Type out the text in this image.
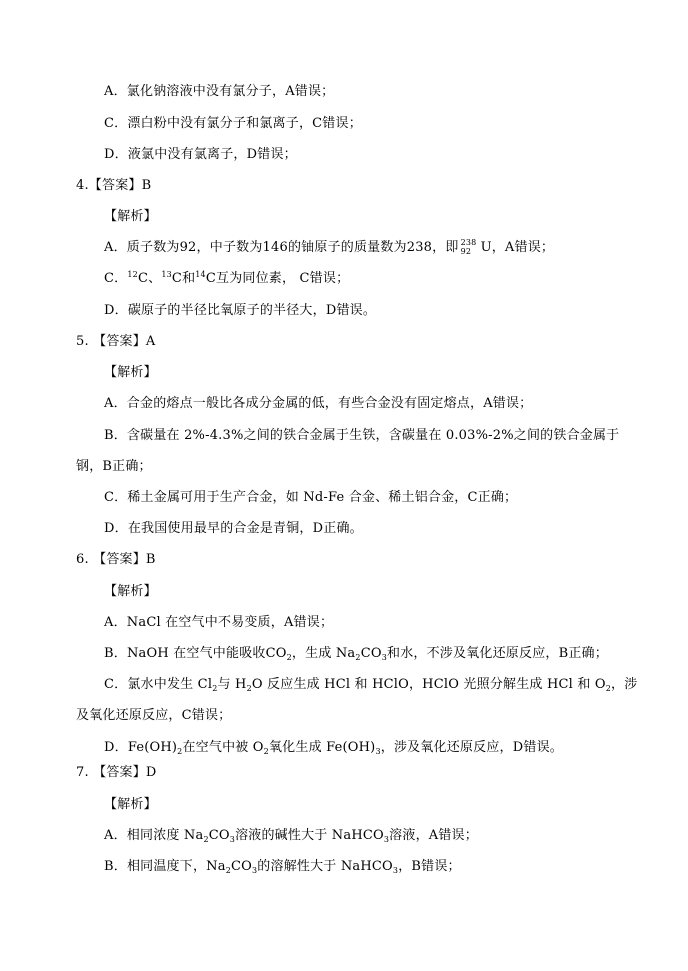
A．氯化钠溶液中没有氯分子，A错误；
C．漂白粉中没有氯分子和氯离子，C错误；
D．液氯中没有氯离子，D错误；
4.【答案】B
【解析】
A．质子数为92，中子数为146的铀原子的质量数为238，即 238
92 U，A错误；
C．$^{12}$C、$^{13}$C和$^{14}$C互为同位素， C错误；
D．碳原子的半径比氧原子的半径大，D错误。
5. 【答案】A
【解析】
A．合金的熔点一般比各成分金属的低，有些合金没有固定熔点，A错误；
B．含碳量在 2%-4.3%之间的铁合金属于生铁，含碳量在 0.03%-2%之间的铁合金属于
钢，B正确；
C．稀土金属可用于生产合金，如 Nd-Fe 合金、稀土铝合金，C正确；
D．在我国使用最早的合金是青铜，D正确。
6. 【答案】B
【解析】
A．NaCl 在空气中不易变质，A错误；
B．NaOH 在空气中能吸收$CO_2$，生成 $Na_2CO_3$和水，不涉及氧化还原反应，B正确；
C．氯水中发生 $Cl_2$与 $H_2O$ 反应生成 HCl 和 HClO，HClO 光照分解生成 HCl 和 $O_2$，涉
及氧化还原反应，C错误；
D．$Fe(OH)_2$在空气中被 $O_2$氧化生成 $Fe(OH)_3$，涉及氧化还原反应，D错误。
7. 【答案】D
【解析】
A．相同浓度 $Na_2CO_3$溶液的碱性大于 NaHCO$_3$溶液，A错误；
B．相同温度下，$Na_2CO_3$的溶解性大于 NaHCO$_3$，B错误；
